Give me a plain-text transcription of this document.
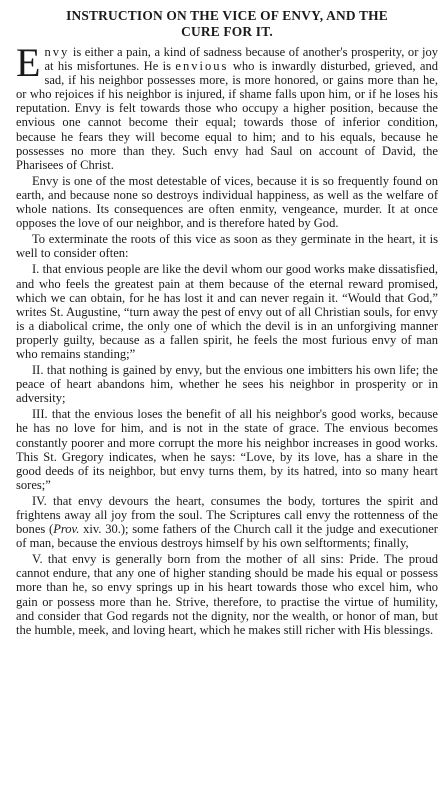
INSTRUCTION ON THE VICE OF ENVY, AND THE
CURE FOR IT.

Envy is either a pain, a kind of sadness because of another's prosperity, or joy at his misfortunes. He is envious who is inwardly disturbed, grieved, and sad, if his neighbor possesses more, is more honored, or gains more than he, or who rejoices if his neighbor is injured, if shame falls upon him, or if he loses his reputation. Envy is felt towards those who occupy a higher position, because the envious one cannot become their equal; towards those of inferior condition, because he fears they will become equal to him; and to his equals, because he possesses no more than they. Such envy had Saul on account of David, the Pharisees of Christ.

Envy is one of the most detestable of vices, because it is so frequently found on earth, and because none so destroys individual happiness, as well as the welfare of whole nations. Its consequences are often enmity, vengeance, murder. It at once opposes the love of our neighbor, and is therefore hated by God.

To exterminate the roots of this vice as soon as they germinate in the heart, it is well to consider often:

I. that envious people are like the devil whom our good works make dissatisfied, and who feels the greatest pain at them because of the eternal reward promised, which we can obtain, for he has lost it and can never regain it. “Would that God,” writes St. Augustine, “turn away the pest of envy out of all Christian souls, for envy is a diabolical crime, the only one of which the devil is in an unforgiving manner properly guilty, because as a fallen spirit, he feels the most furious envy of man who remains standing;”

II. that nothing is gained by envy, but the envious one imbitters his own life; the peace of heart abandons him, whether he sees his neighbor in prosperity or in adversity;

III. that the envious loses the benefit of all his neighbor's good works, because he has no love for him, and is not in the state of grace. The envious becomes constantly poorer and more corrupt the more his neighbor increases in good works. This St. Gregory indicates, when he says: “Love, by its love, has a share in the good deeds of its neighbor, but envy turns them, by its hatred, into so many heart sores;”

IV. that envy devours the heart, consumes the body, tortures the spirit and frightens away all joy from the soul. The Scriptures call envy the rottenness of the bones (Prov. xiv. 30.); some fathers of the Church call it the judge and executioner of man, because the envious destroys himself by his own selftorments; finally,

V. that envy is generally born from the mother of all sins: Pride. The proud cannot endure, that any one of higher standing should be made his equal or possess more than he, so envy springs up in his heart towards those who excel him, who gain or possess more than he. Strive, therefore, to practise the virtue of humility, and consider that God regards not the dignity, nor the wealth, or honor of man, but the humble, meek, and loving heart, which he makes still richer with His blessings.
